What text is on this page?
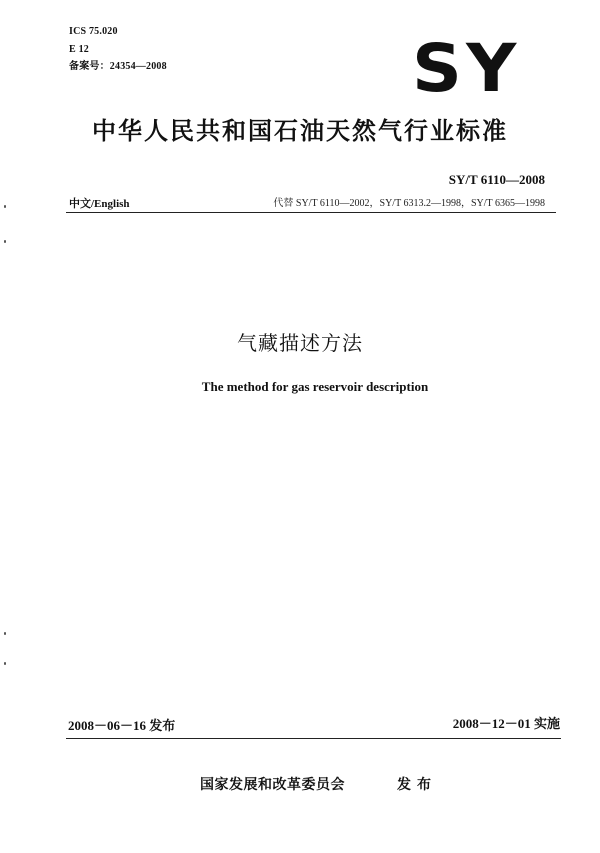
ICS 75.020
E 12
备案号：24354—2008	SY
中华人民共和国石油天然气行业标准
SY/T 6110—2008
中文/English	代替 SY/T 6110—2002，SY/T 6313.2—1998，SY/T 6365—1998
气藏描述方法
The method for gas reservoir description
2008－06－16 发布	2008－12－01 实施
国家发展和改革委员会	发布
